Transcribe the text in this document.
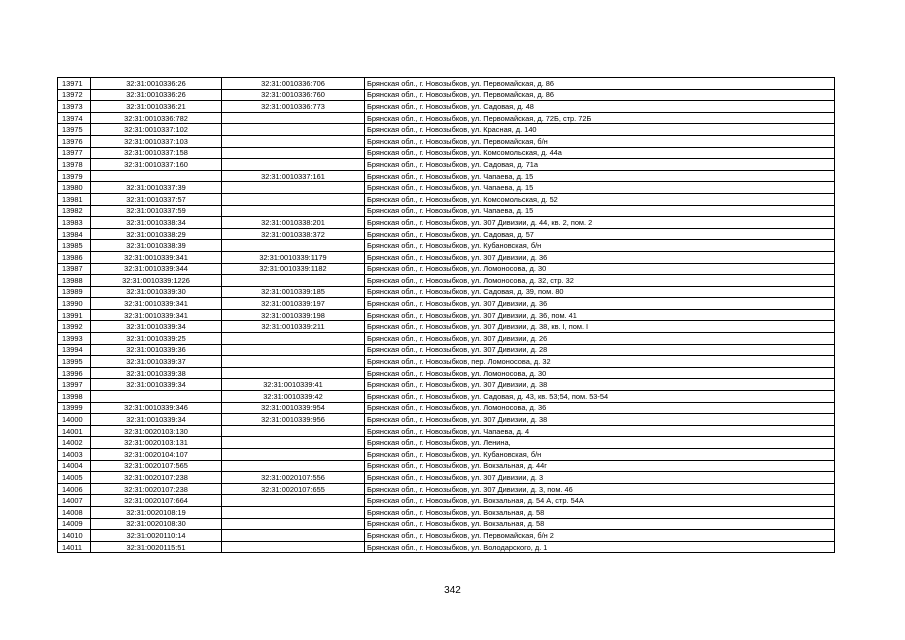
13971	32:31:0010336:26	32:31:0010336:706	Брянская обл., г. Новозыбков, ул. Первомайская, д. 86
13972	32:31:0010336:26	32:31:0010336:760	Брянская обл., г. Новозыбков, ул. Первомайская, д. 86
13973	32:31:0010336:21	32:31:0010336:773	Брянская обл., г. Новозыбков, ул. Садовая, д. 48
13974	32:31:0010336:782		Брянская обл., г. Новозыбков, ул. Первомайская, д. 72Б, стр. 72Б
13975	32:31:0010337:102		Брянская обл., г. Новозыбков, ул. Красная, д. 140
13976	32:31:0010337:103		Брянская обл., г. Новозыбков, ул. Первомайская, б/н
13977	32:31:0010337:158		Брянская обл., г. Новозыбков, ул. Комсомольская, д. 44а
13978	32:31:0010337:160		Брянская обл., г. Новозыбков, ул. Садовая, д. 71а
13979		32:31:0010337:161	Брянская обл., г. Новозыбков, ул. Чапаева, д. 15
13980	32:31:0010337:39		Брянская обл., г. Новозыбков, ул. Чапаева, д. 15
13981	32:31:0010337:57		Брянская обл., г. Новозыбков, ул. Комсомольская, д. 52
13982	32:31:0010337:59		Брянская обл., г. Новозыбков, ул. Чапаева, д. 15
13983	32:31:0010338:34	32:31:0010338:201	Брянская обл., г. Новозыбков, ул. 307 Дивизии, д. 44, кв. 2, пом. 2
13984	32:31:0010338:29	32:31:0010338:372	Брянская обл., г. Новозыбков, ул. Садовая, д. 57
13985	32:31:0010338:39		Брянская обл., г. Новозыбков, ул. Кубановская, б/н
13986	32:31:0010339:341	32:31:0010339:1179	Брянская обл., г. Новозыбков, ул. 307 Дивизии, д. 36
13987	32:31:0010339:344	32:31:0010339:1182	Брянская обл., г. Новозыбков, ул. Ломоносова, д. 30
13988	32:31:0010339:1226		Брянская обл., г. Новозыбков, ул. Ломоносова, д. 32, стр. 32
13989	32:31:0010339:30	32:31:0010339:185	Брянская обл., г. Новозыбков, ул. Садовая, д. 39, пом. 80
13990	32:31:0010339:341	32:31:0010339:197	Брянская обл., г. Новозыбков, ул. 307 Дивизии, д. 36
13991	32:31:0010339:341	32:31:0010339:198	Брянская обл., г. Новозыбков, ул. 307 Дивизии, д. 36, пом. 41
13992	32:31:0010339:34	32:31:0010339:211	Брянская обл., г. Новозыбков, ул. 307 Дивизии, д. 38, кв. I, пом. I
13993	32:31:0010339:25		Брянская обл., г. Новозыбков, ул. 307 Дивизии, д. 26
13994	32:31:0010339:36		Брянская обл., г. Новозыбков, ул. 307 Дивизии, д. 28
13995	32:31:0010339:37		Брянская обл., г. Новозыбков, пер. Ломоносова, д. 32
13996	32:31:0010339:38		Брянская обл., г. Новозыбков, ул. Ломоносова, д. 30
13997	32:31:0010339:34	32:31:0010339:41	Брянская обл., г. Новозыбков, ул. 307 Дивизии, д. 38
13998		32:31:0010339:42	Брянская обл., г. Новозыбков, ул. Садовая, д. 43, кв. 53;54, пом. 53-54
13999	32:31:0010339:346	32:31:0010339:954	Брянская обл., г. Новозыбков, ул. Ломоносова, д. 36
14000	32:31:0010339:34	32:31:0010339:956	Брянская обл., г. Новозыбков, ул. 307 Дивизии, д. 38
14001	32:31:0020103:130		Брянская обл., г. Новозыбков, ул. Чапаева, д. 4
14002	32:31:0020103:131		Брянская обл., г. Новозыбков, ул. Ленина,
14003	32:31:0020104:107		Брянская обл., г. Новозыбков, ул. Кубановская, б/н
14004	32:31:0020107:565		Брянская обл., г. Новозыбков, ул. Вокзальная, д. 44г
14005	32:31:0020107:238	32:31:0020107:556	Брянская обл., г. Новозыбков, ул. 307 Дивизии, д. 3
14006	32:31:0020107:238	32:31:0020107:655	Брянская обл., г. Новозыбков, ул. 307 Дивизии, д. 3, пом. 46
14007	32:31:0020107:664		Брянская обл., г. Новозыбков, ул. Вокзальная, д. 54 А, стр. 54А
14008	32:31:0020108:19		Брянская обл., г. Новозыбков, ул. Вокзальная, д. 58
14009	32:31:0020108:30		Брянская обл., г. Новозыбков, ул. Вокзальная, д. 58
14010	32:31:0020110:14		Брянская обл., г. Новозыбков, ул. Первомайская, б/н 2
14011	32:31:0020115:51		Брянская обл., г. Новозыбков, ул. Володарского, д. 1
342
